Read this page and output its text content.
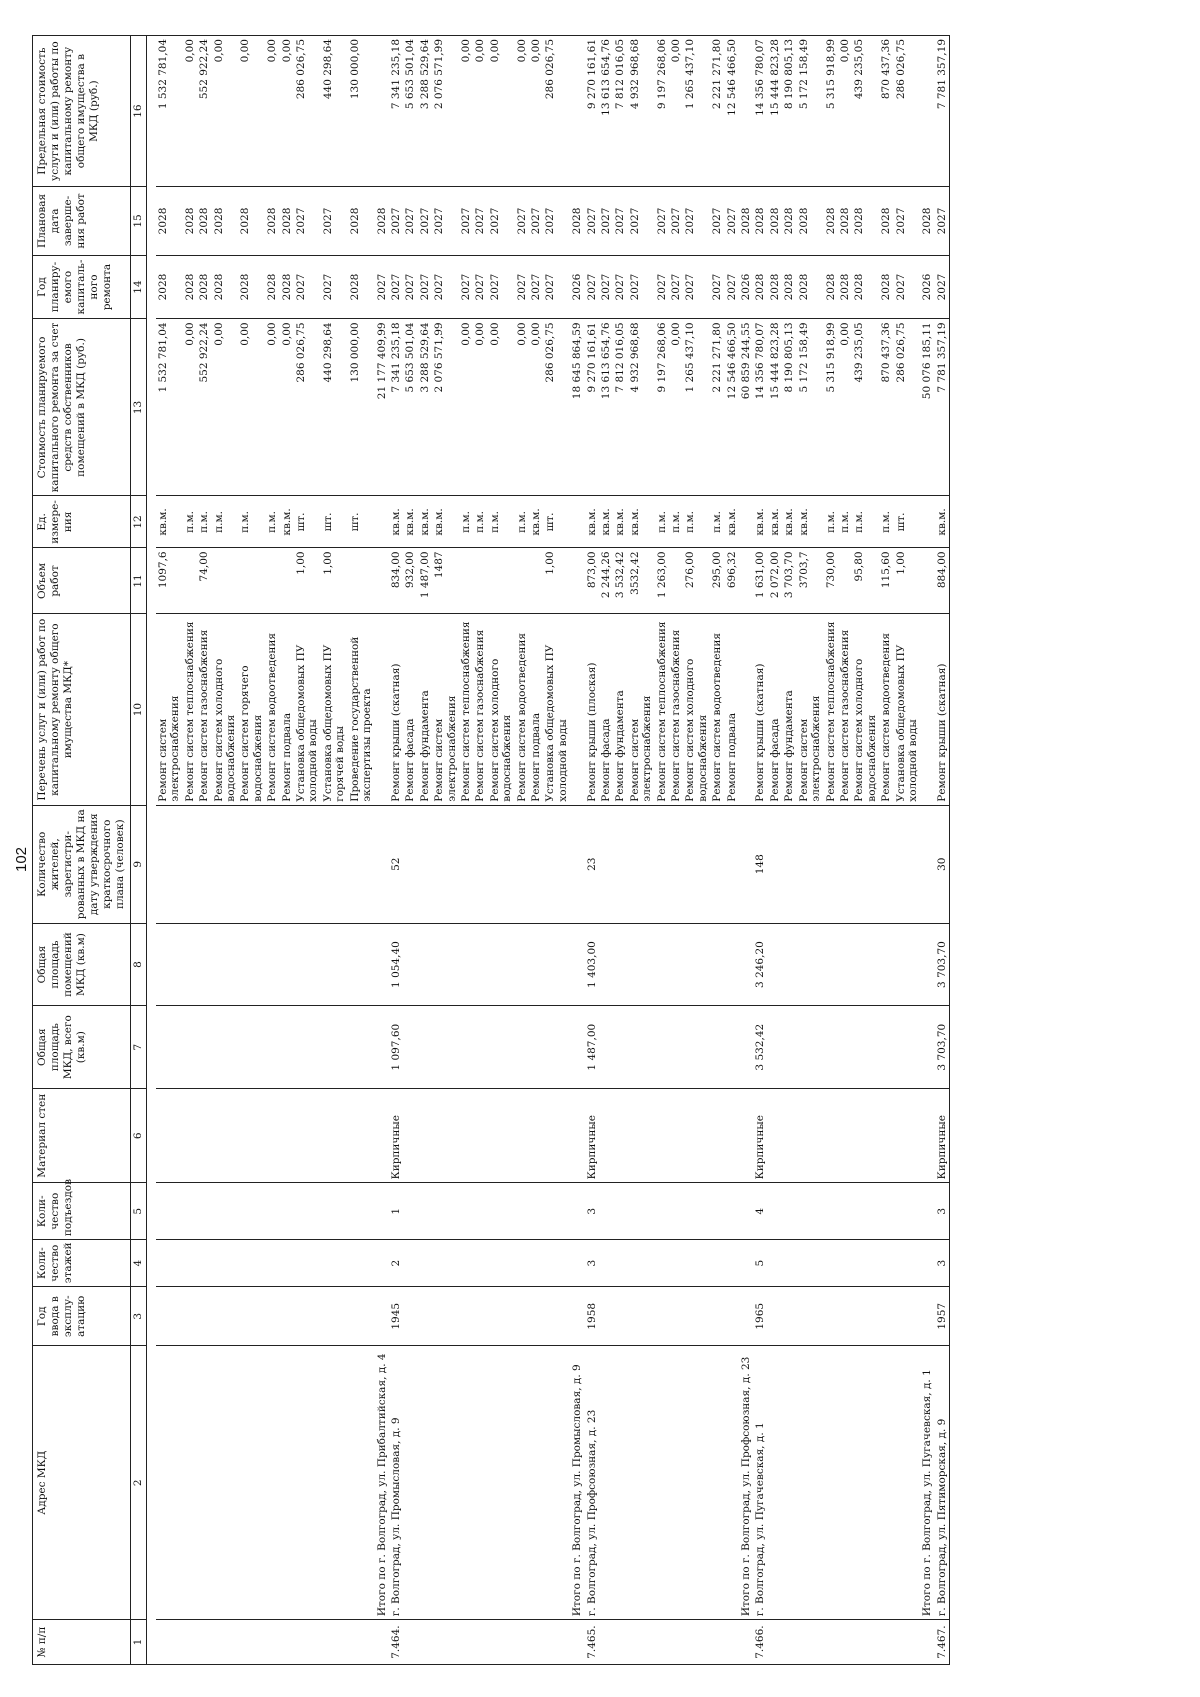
102
№ п/п	Адрес МКД	Год ввода в эксплу-атацию	Коли-чество этажей	Коли-чество подъездов	Материал стен	Общая площадь МКД, всего (кв.м)	Общая площадь помещений МКД (кв.м)	Количество жителей, зарегистри-рованных в МКД на дату утверждения краткосрочного плана (человек)	Перечень услуг и (или) работ по капитальному ремонту общего имущества МКД*	Объем работ	Ед. измере-ния	Стоимость планируемого капитального ремонта за счет средств собственников помещений в МКД (руб.)	Год планиру-емого капиталь-ного ремонта	Плановая дата заверше-ния работ	Предельная стоимость услуги и (или) работы по капитальному ремонту общего имущества в МКД (руб.)
1	2	3	4	5	6	7	8	9	10	11	12	13	14	15	16

									Ремонт систем электроснабжения	1097,6	кв.м.	1 532 781,04	2028	2028	1 532 781,04
									Ремонт систем теплоснабжения		п.м.	0,00	2028	2028	0,00
									Ремонт систем газоснабжения	74,00	п.м.	552 922,24	2028	2028	552 922,24
									Ремонт систем холодного водоснабжения		п.м.	0,00	2028	2028	0,00
									Ремонт систем горячего водоснабжения		п.м.	0,00	2028	2028	0,00
									Ремонт систем водоотведения		п.м.	0,00	2028	2028	0,00
									Ремонт подвала		кв.м.	0,00	2028	2028	0,00
									Установка общедомовых ПУ холодной воды	1,00	шт.	286 026,75	2027	2027	286 026,75
									Установка общедомовых ПУ горячей воды	1,00	шт.	440 298,64	2027	2027	440 298,64
									Проведение государственной экспертизы проекта		шт.	130 000,00	2028	2028	130 000,00
	Итого по г. Волгоград, ул. Прибалтийская, д. 4											21 177 409,99	2027	2028	
7.464.	г. Волгоград, ул. Промысловая, д. 9	1945	2	1	Кирпичные	1 097,60	1 054,40	52	Ремонт крыши (скатная)	834,00	кв.м.	7 341 235,18	2027	2027	7 341 235,18
									Ремонт фасада	932,00	кв.м.	5 653 501,04	2027	2027	5 653 501,04
									Ремонт фундамента	1 487,00	кв.м.	3 288 529,64	2027	2027	3 288 529,64
									Ремонт систем электроснабжения	1487	кв.м.	2 076 571,99	2027	2027	2 076 571,99
									Ремонт систем теплоснабжения		п.м.	0,00	2027	2027	0,00
									Ремонт систем газоснабжения		п.м.	0,00	2027	2027	0,00
									Ремонт систем холодного водоснабжения		п.м.	0,00	2027	2027	0,00
									Ремонт систем водоотведения		п.м.	0,00	2027	2027	0,00
									Ремонт подвала		кв.м.	0,00	2027	2027	0,00
									Установка общедомовых ПУ холодной воды	1,00	шт.	286 026,75	2027	2027	286 026,75
	Итого по г. Волгоград, ул. Промысловая, д. 9											18 645 864,59	2026	2028	
7.465.	г. Волгоград, ул. Профсоюзная, д. 23	1958	3	3	Кирпичные	1 487,00	1 403,00	23	Ремонт крыши (плоская)	873,00	кв.м.	9 270 161,61	2027	2027	9 270 161,61
									Ремонт фасада	2 244,26	кв.м.	13 613 654,76	2027	2027	13 613 654,76
									Ремонт фундамента	3 532,42	кв.м.	7 812 016,05	2027	2027	7 812 016,05
									Ремонт систем электроснабжения	3532,42	кв.м.	4 932 968,68	2027	2027	4 932 968,68
									Ремонт систем теплоснабжения	1 263,00	п.м.	9 197 268,06	2027	2027	9 197 268,06
									Ремонт систем газоснабжения		п.м.	0,00	2027	2027	0,00
									Ремонт систем холодного водоснабжения	276,00	п.м.	1 265 437,10	2027	2027	1 265 437,10
									Ремонт систем водоотведения	295,00	п.м.	2 221 271,80	2027	2027	2 221 271,80
									Ремонт подвала	696,32	кв.м.	12 546 466,50	2027	2027	12 546 466,50
	Итого по г. Волгоград, ул. Профсоюзная, д. 23											60 859 244,55	2026	2028	
7.466.	г. Волгоград, ул. Пугачевская, д. 1	1965	5	4	Кирпичные	3 532,42	3 246,20	148	Ремонт крыши (скатная)	1 631,00	кв.м.	14 356 780,07	2028	2028	14 356 780,07
									Ремонт фасада	2 072,00	кв.м.	15 444 823,28	2028	2028	15 444 823,28
									Ремонт фундамента	3 703,70	кв.м.	8 190 805,13	2028	2028	8 190 805,13
									Ремонт систем электроснабжения	3703,7	кв.м.	5 172 158,49	2028	2028	5 172 158,49
									Ремонт систем теплоснабжения	730,00	п.м.	5 315 918,99	2028	2028	5 315 918,99
									Ремонт систем газоснабжения		п.м.	0,00	2028	2028	0,00
									Ремонт систем холодного водоснабжения	95,80	п.м.	439 235,05	2028	2028	439 235,05
									Ремонт систем водоотведения	115,60	п.м.	870 437,36	2028	2028	870 437,36
									Установка общедомовых ПУ холодной воды	1,00	шт.	286 026,75	2027	2027	286 026,75
	Итого по г. Волгоград, ул. Пугачевская, д. 1											50 076 185,11	2026	2028	
7.467.	г. Волгоград, ул. Пятиморская, д. 9	1957	3	3	Кирпичные	3 703,70	3 703,70	30	Ремонт крыши (скатная)	884,00	кв.м.	7 781 357,19	2027	2027	7 781 357,19
